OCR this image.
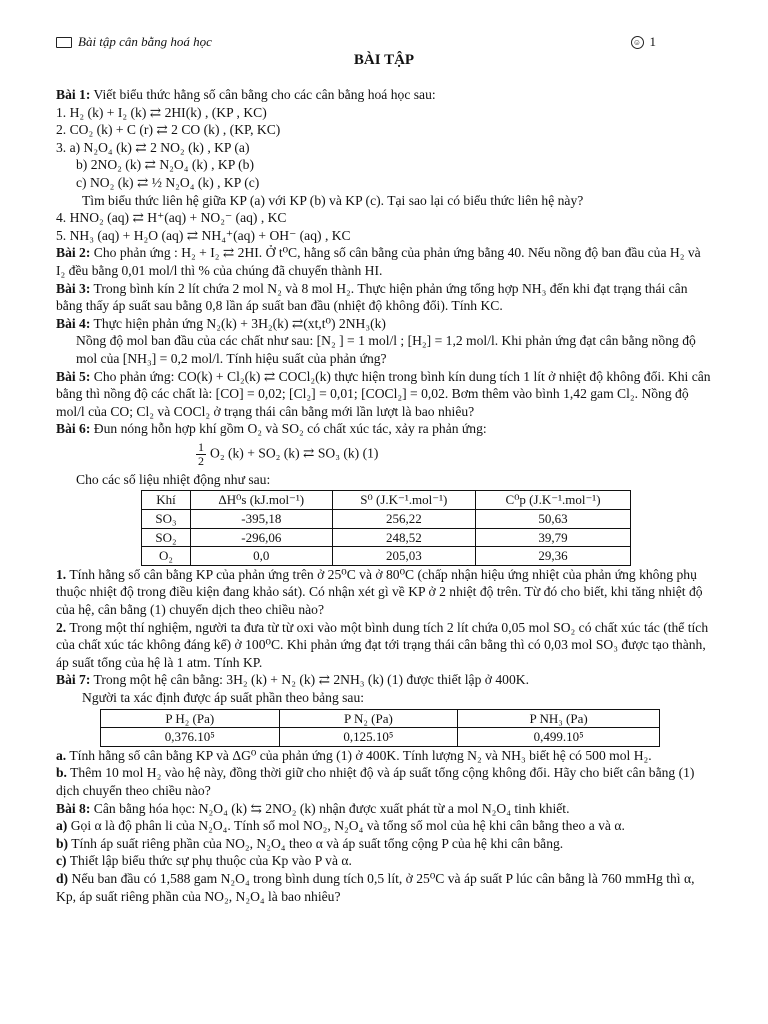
Bài tập cân bằng hoá học	☺ 1
BÀI TẬP

Bài 1: Viết biểu thức hằng số cân bằng cho các cân bằng hoá học sau:

1. H₂ (k) + I₂ (k) ⇄ 2HI(k) , (KP , KC)

2. CO₂ (k) + C (r) ⇄ 2 CO (k) , (KP, KC)

3. a) N₂O₄ (k) ⇄ 2 NO₂ (k) , KP (a)

b) 2NO₂ (k) ⇄ N₂O₄ (k) , KP (b)

c) NO₂ (k) ⇄ ½ N₂O₄ (k) , KP (c)

Tìm biểu thức liên hệ giữa KP (a) với KP (b) và KP (c). Tại sao lại có biểu thức liên hệ này?

4. HNO₂ (aq) ⇄ H⁺(aq) + NO₂⁻ (aq) , KC

5. NH₃ (aq) + H₂O (aq) ⇄ NH₄⁺(aq) + OH⁻ (aq) , KC

Bài 2: Cho phản ứng : H₂ + I₂ ⇄ 2HI. Ở t⁰C, hằng số cân bằng của phản ứng bằng 40. Nếu nồng độ ban đầu của H₂ và I₂ đều bằng 0,01 mol/l thì % của chúng đã chuyển thành HI.

Bài 3: Trong bình kín 2 lít chứa 2 mol N₂ và 8 mol H₂. Thực hiện phản ứng tổng hợp NH₃ đến khi đạt trạng thái cân bằng thấy áp suất sau bằng 0,8 lần áp suất ban đầu (nhiệt độ không đổi). Tính KC.

Bài 4: Thực hiện phản ứng N₂(k) + 3H₂(k) ⇄(xt,t⁰) 2NH₃(k)

Nồng độ mol ban đầu của các chất như sau: [N₂ ] = 1 mol/l ; [H₂] = 1,2 mol/l. Khi phản ứng đạt cân bằng nồng độ mol của [NH₃] = 0,2 mol/l. Tính hiệu suất của phản ứng?

Bài 5: Cho phản ứng: CO(k) + Cl₂(k) ⇄ COCl₂(k) thực hiện trong bình kín dung tích 1 lít ở nhiệt độ không đổi. Khi cân bằng thì nồng độ các chất là: [CO] = 0,02; [Cl₂] = 0,01; [COCl₂] = 0,02. Bơm thêm vào bình 1,42 gam Cl₂. Nồng độ mol/l của CO; Cl₂ và COCl₂ ở trạng thái cân bằng mới lần lượt là bao nhiêu?

Bài 6: Đun nóng hỗn hợp khí gồm O₂ và SO₂ có chất xúc tác, xảy ra phản ứng:

$\frac{1}{2} O_2$ (k) + SO₂ (k) ⇄ SO₃ (k) (1)

Cho các số liệu nhiệt động như sau:

Khí	ΔH⁰s (kJ.mol⁻¹)	S⁰ (J.K⁻¹.mol⁻¹)	C⁰p (J.K⁻¹.mol⁻¹)
SO₃	-395,18	256,22	50,63
SO₂	-296,06	248,52	39,79
O₂	0,0	205,03	29,36

1. Tính hằng số cân bằng KP của phản ứng trên ở 25⁰C và ở 80⁰C (chấp nhận hiệu ứng nhiệt của phản ứng không phụ thuộc nhiệt độ trong điều kiện đang khảo sát). Có nhận xét gì về KP ở 2 nhiệt độ trên. Từ đó cho biết, khi tăng nhiệt độ của hệ, cân bằng (1) chuyển dịch theo chiều nào?

2. Trong một thí nghiệm, người ta đưa từ từ oxi vào một bình dung tích 2 lít chứa 0,05 mol SO₂ có chất xúc tác (thể tích của chất xúc tác không đáng kể) ở 100⁰C. Khi phản ứng đạt tới trạng thái cân bằng thì có 0,03 mol SO₃ được tạo thành, áp suất tổng của hệ là 1 atm. Tính KP.

Bài 7: Trong một hệ cân bằng: 3H₂ (k) + N₂ (k) ⇄ 2NH₃ (k) (1) được thiết lập ở 400K.

Người ta xác định được áp suất phần theo bảng sau:

P H₂ (Pa)	P N₂ (Pa)	P NH₃ (Pa)
0,376.10⁵	0,125.10⁵	0,499.10⁵

a. Tính hằng số cân bằng KP và ΔG⁰ của phản ứng (1) ở 400K. Tính lượng N₂ và NH₃ biết hệ có 500 mol H₂.

b. Thêm 10 mol H₂ vào hệ này, đồng thời giữ cho nhiệt độ và áp suất tổng cộng không đổi. Hãy cho biết cân bằng (1) dịch chuyển theo chiều nào?

Bài 8: Cân bằng hóa học: N₂O₄ (k) ⇆ 2NO₂ (k) nhận được xuất phát từ a mol N₂O₄ tinh khiết.

a) Gọi α là độ phân li của N₂O₄. Tính số mol NO₂, N₂O₄ và tổng số mol của hệ khi cân bằng theo a và α.

b) Tính áp suất riêng phần của NO₂, N₂O₄ theo α và áp suất tổng cộng P của hệ khi cân bằng.

c) Thiết lập biểu thức sự phụ thuộc của Kp vào P và α.

d) Nếu ban đầu có 1,588 gam N₂O₄ trong bình dung tích 0,5 lít, ở 25⁰C và áp suất P lúc cân bằng là 760 mmHg thì α, Kp, áp suất riêng phần của NO₂, N₂O₄ là bao nhiêu?
